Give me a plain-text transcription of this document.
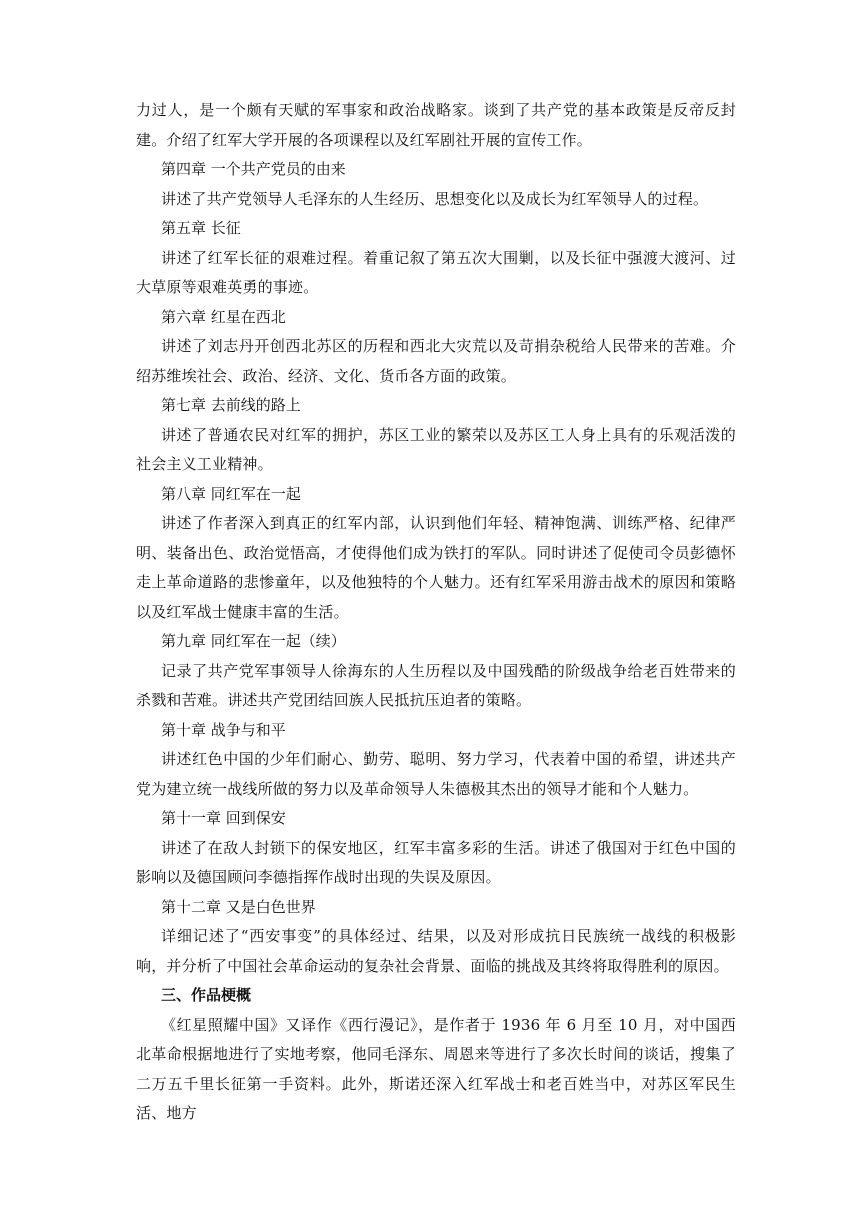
力过人，是一个颇有天赋的军事家和政治战略家。谈到了共产党的基本政策是反帝反封建。介绍了红军大学开展的各项课程以及红军剧社开展的宣传工作。

第四章 一个共产党员的由来

讲述了共产党领导人毛泽东的人生经历、思想变化以及成长为红军领导人的过程。

第五章 长征

讲述了红军长征的艰难过程。着重记叙了第五次大围剿，以及长征中强渡大渡河、过大草原等艰难英勇的事迹。

第六章 红星在西北

讲述了刘志丹开创西北苏区的历程和西北大灾荒以及苛捐杂税给人民带来的苦难。介绍苏维埃社会、政治、经济、文化、货币各方面的政策。

第七章 去前线的路上

讲述了普通农民对红军的拥护，苏区工业的繁荣以及苏区工人身上具有的乐观活泼的社会主义工业精神。

第八章 同红军在一起

讲述了作者深入到真正的红军内部，认识到他们年轻、精神饱满、训练严格、纪律严明、装备出色、政治觉悟高，才使得他们成为铁打的军队。同时讲述了促使司令员彭德怀走上革命道路的悲惨童年，以及他独特的个人魅力。还有红军采用游击战术的原因和策略以及红军战士健康丰富的生活。

第九章 同红军在一起（续）

记录了共产党军事领导人徐海东的人生历程以及中国残酷的阶级战争给老百姓带来的杀戮和苦难。讲述共产党团结回族人民抵抗压迫者的策略。

第十章 战争与和平

讲述红色中国的少年们耐心、勤劳、聪明、努力学习，代表着中国的希望，讲述共产党为建立统一战线所做的努力以及革命领导人朱德极其杰出的领导才能和个人魅力。

第十一章 回到保安

讲述了在敌人封锁下的保安地区，红军丰富多彩的生活。讲述了俄国对于红色中国的影响以及德国顾问李德指挥作战时出现的失误及原因。

第十二章 又是白色世界

详细记述了“西安事变”的具体经过、结果，以及对形成抗日民族统一战线的积极影响，并分析了中国社会革命运动的复杂社会背景、面临的挑战及其终将取得胜利的原因。

三、作品梗概

《红星照耀中国》又译作《西行漫记》，是作者于 1936 年 6 月至 10 月，对中国西北革命根据地进行了实地考察，他同毛泽东、周恩来等进行了多次长时间的谈话，搜集了二万五千里长征第一手资料。此外，斯诺还深入红军战士和老百姓当中，对苏区军民生活、地方
